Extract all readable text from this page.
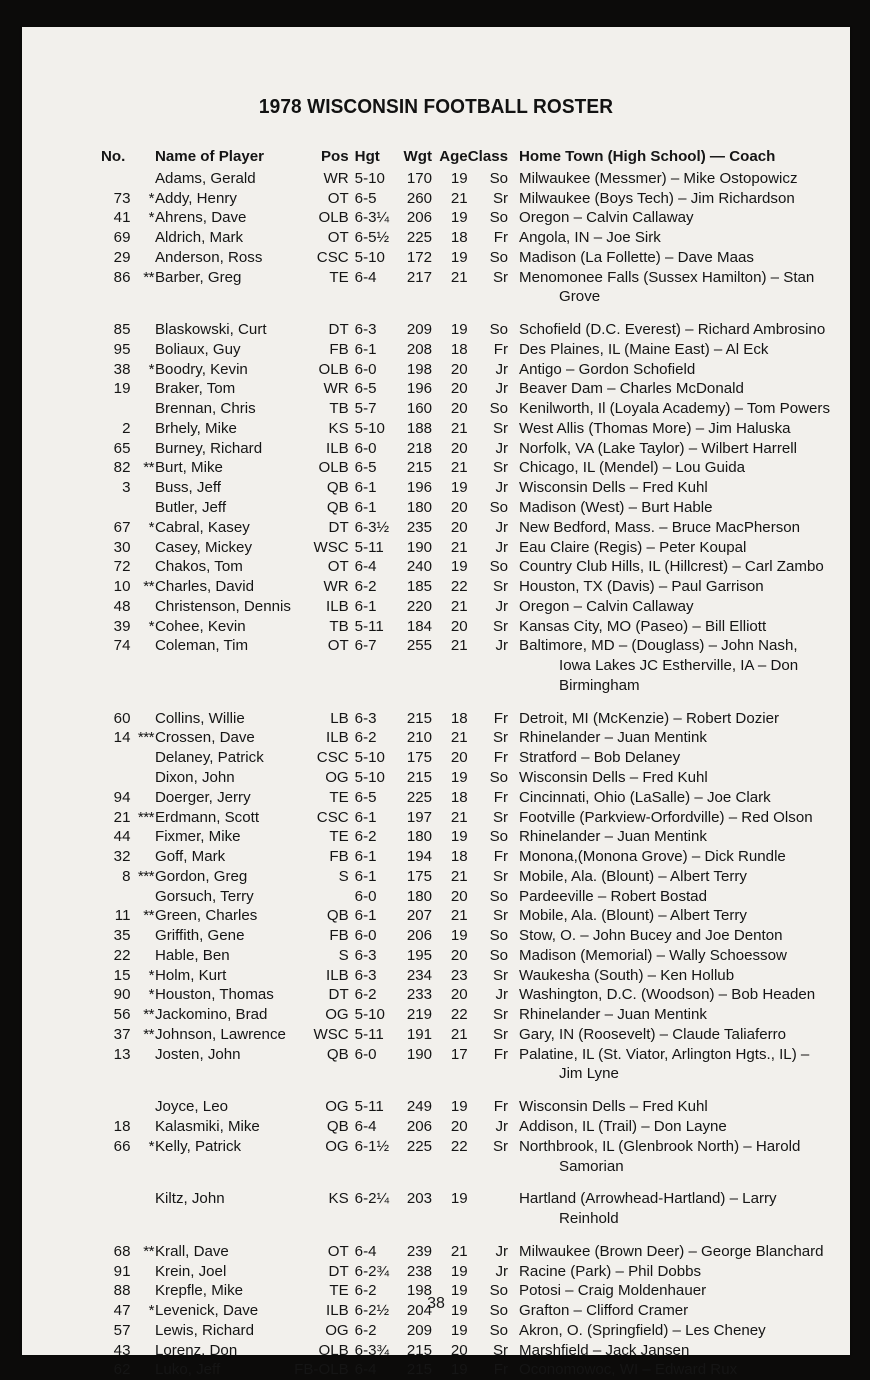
1978 WISCONSIN FOOTBALL ROSTER
No.		Name of Player	Pos	Hgt	Wgt	Age	Class	Home Town (High School) — Coach
		Adams, Gerald	WR	5-10	170	19	So	Milwaukee (Messmer) – Mike Ostopowicz
73	*	Addy, Henry	OT	6-5	260	21	Sr	Milwaukee (Boys Tech) – Jim Richardson
41	*	Ahrens, Dave	OLB	6-3¼	206	19	So	Oregon – Calvin Callaway
69		Aldrich, Mark	OT	6-5½	225	18	Fr	Angola, IN – Joe Sirk
29		Anderson, Ross	CSC	5-10	172	19	So	Madison (La Follette) – Dave Maas
86	**	Barber, Greg	TE	6-4	217	21	Sr	Menomonee Falls (Sussex Hamilton) – Stan
Grove

85		Blaskowski, Curt	DT	6-3	209	19	So	Schofield (D.C. Everest) – Richard Ambrosino
95		Boliaux, Guy	FB	6-1	208	18	Fr	Des Plaines, IL (Maine East) – Al Eck
38	*	Boodry, Kevin	OLB	6-0	198	20	Jr	Antigo – Gordon Schofield
19		Braker, Tom	WR	6-5	196	20	Jr	Beaver Dam – Charles McDonald
		Brennan, Chris	TB	5-7	160	20	So	Kenilworth, Il (Loyala Academy) – Tom Powers
2		Brhely, Mike	KS	5-10	188	21	Sr	West Allis (Thomas More) – Jim Haluska
65		Burney, Richard	ILB	6-0	218	20	Jr	Norfolk, VA (Lake Taylor) – Wilbert Harrell
82	**	Burt, Mike	OLB	6-5	215	21	Sr	Chicago, IL (Mendel) – Lou Guida
3		Buss, Jeff	QB	6-1	196	19	Jr	Wisconsin Dells – Fred Kuhl
		Butler, Jeff	QB	6-1	180	20	So	Madison (West) – Burt Hable
67	*	Cabral, Kasey	DT	6-3½	235	20	Jr	New Bedford, Mass. – Bruce MacPherson
30		Casey, Mickey	WSC	5-11	190	21	Jr	Eau Claire (Regis) – Peter Koupal
72		Chakos, Tom	OT	6-4	240	19	So	Country Club Hills, IL (Hillcrest) – Carl Zambo
10	**	Charles, David	WR	6-2	185	22	Sr	Houston, TX (Davis) – Paul Garrison
48		Christenson, Dennis	ILB	6-1	220	21	Jr	Oregon – Calvin Callaway
39	*	Cohee, Kevin	TB	5-11	184	20	Sr	Kansas City, MO (Paseo) – Bill Elliott
74		Coleman, Tim	OT	6-7	255	21	Jr	Baltimore, MD – (Douglass) – John Nash,
Iowa Lakes JC Estherville, IA – Don
Birmingham

60		Collins, Willie	LB	6-3	215	18	Fr	Detroit, MI (McKenzie) – Robert Dozier
14	***	Crossen, Dave	ILB	6-2	210	21	Sr	Rhinelander – Juan Mentink
		Delaney, Patrick	CSC	5-10	175	20	Fr	Stratford – Bob Delaney
		Dixon, John	OG	5-10	215	19	So	Wisconsin Dells – Fred Kuhl
94		Doerger, Jerry	TE	6-5	225	18	Fr	Cincinnati, Ohio (LaSalle) – Joe Clark
21	***	Erdmann, Scott	CSC	6-1	197	21	Sr	Footville (Parkview-Orfordville) – Red Olson
44		Fixmer, Mike	TE	6-2	180	19	So	Rhinelander – Juan Mentink
32		Goff, Mark	FB	6-1	194	18	Fr	Monona,(Monona Grove) – Dick Rundle
8	***	Gordon, Greg	S	6-1	175	21	Sr	Mobile, Ala. (Blount) – Albert Terry
		Gorsuch, Terry		6-0	180	20	So	Pardeeville – Robert Bostad
11	**	Green, Charles	QB	6-1	207	21	Sr	Mobile, Ala. (Blount) – Albert Terry
35		Griffith, Gene	FB	6-0	206	19	So	Stow, O. – John Bucey and Joe Denton
22		Hable, Ben	S	6-3	195	20	So	Madison (Memorial) – Wally Schoessow
15	*	Holm, Kurt	ILB	6-3	234	23	Sr	Waukesha (South) – Ken Hollub
90	*	Houston, Thomas	DT	6-2	233	20	Jr	Washington, D.C. (Woodson) – Bob Headen
56	**	Jackomino, Brad	OG	5-10	219	22	Sr	Rhinelander – Juan Mentink
37	**	Johnson, Lawrence	WSC	5-11	191	21	Sr	Gary, IN (Roosevelt) – Claude Taliaferro
13		Josten, John	QB	6-0	190	17	Fr	Palatine, IL (St. Viator, Arlington Hgts., IL) –
Jim Lyne

		Joyce, Leo	OG	5-11	249	19	Fr	Wisconsin Dells – Fred Kuhl
18		Kalasmiki, Mike	QB	6-4	206	20	Jr	Addison, IL (Trail) – Don Layne
66	*	Kelly, Patrick	OG	6-1½	225	22	Sr	Northbrook, IL (Glenbrook North) – Harold
Samorian

		Kiltz, John	KS	6-2¼	203	19		Hartland (Arrowhead-Hartland) – Larry
Reinhold

68	**	Krall, Dave	OT	6-4	239	21	Jr	Milwaukee (Brown Deer) – George Blanchard
91		Krein, Joel	DT	6-2¾	238	19	Jr	Racine (Park) – Phil Dobbs
88		Krepfle, Mike	TE	6-2	198	19	So	Potosi – Craig Moldenhauer
47	*	Levenick, Dave	ILB	6-2½	204	19	So	Grafton – Clifford Cramer
57		Lewis, Richard	OG	6-2	209	19	So	Akron, O. (Springfield) – Les Cheney
43		Lorenz, Don	OLB	6-3¾	215	20	Sr	Marshfield – Jack Jansen
62		Luko, Jeff	FB-OLB	6-4	215	19	Fr	Oconomowoc, WI – Edward Rux
38
